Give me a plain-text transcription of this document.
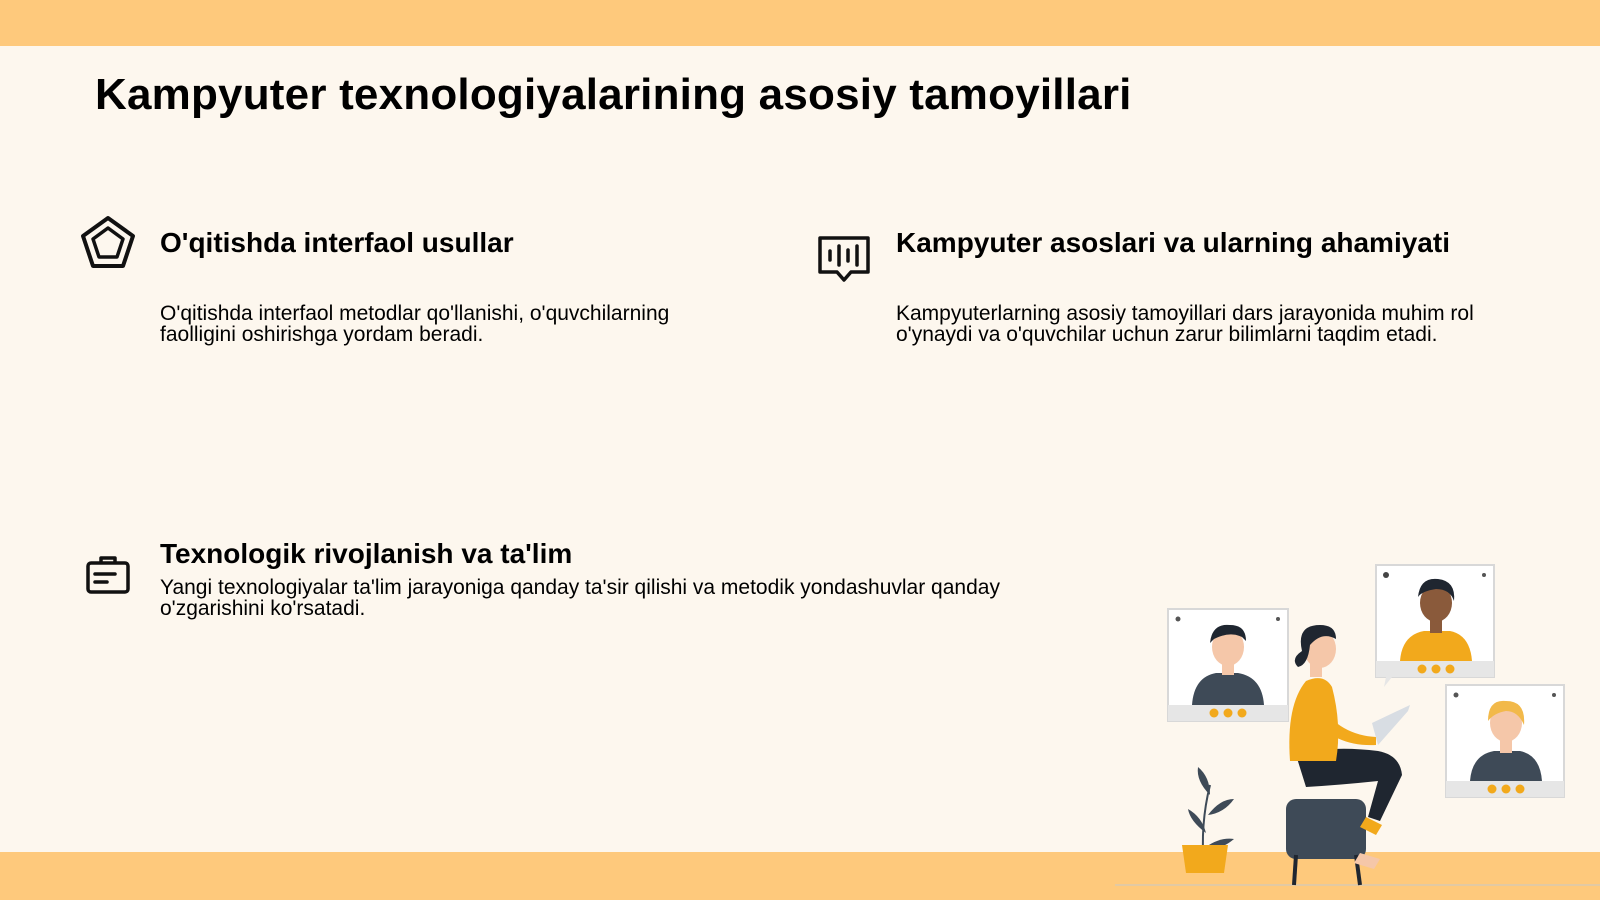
Kampyuter texnologiyalarining asosiy tamoyillari
O'qitishda interfaol usullar

O'qitishda interfaol metodlar qo'llanishi, o'quvchilarning faolligini oshirishga yordam beradi.

Kampyuter asoslari va ularning ahamiyati

Kampyuterlarning asosiy tamoyillari dars jarayonida muhim rol o'ynaydi va o'quvchilar uchun zarur bilimlarni taqdim etadi.

Texnologik rivojlanish va ta'lim

Yangi texnologiyalar ta'lim jarayoniga qanday ta'sir qilishi va metodik yondashuvlar qanday o'zgarishini ko'rsatadi.
